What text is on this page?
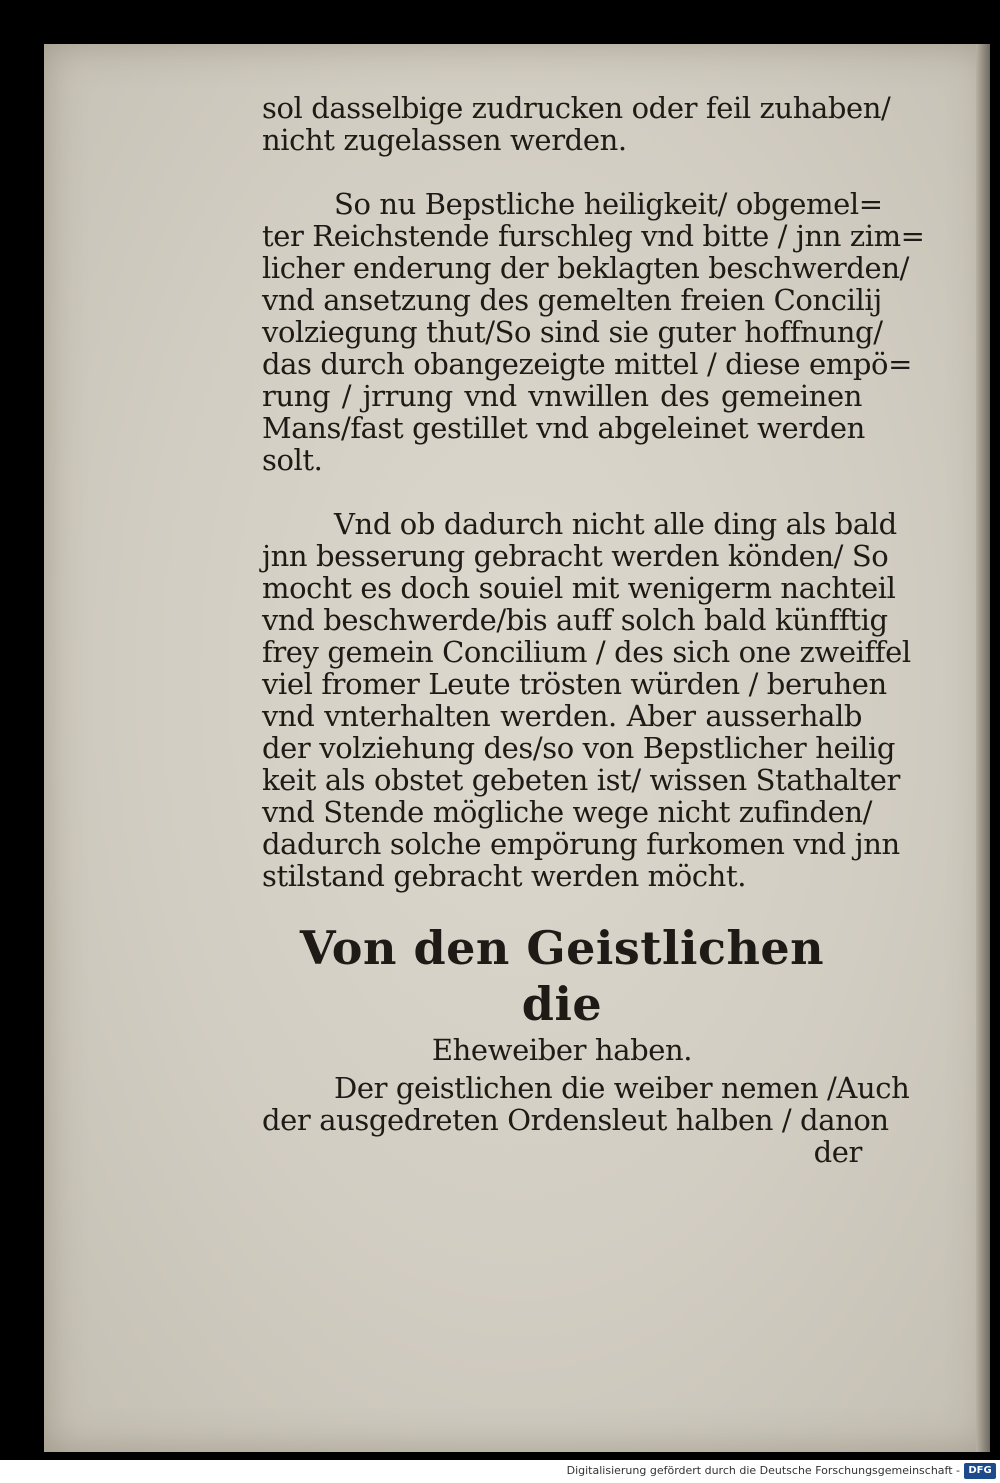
sol dasselbige zudrucken oder feil zuhaben/
nicht zugelassen werden.
So nu Bepstliche heiligkeit/ obgemel=
ter Reichstende furschleg vnd bitte / jnn zim=
licher enderung der beklagten beschwerden/
vnd ansetzung des gemelten freien Concilij
volziegung thut/So sind sie guter hoffnung/
das durch obangezeigte mittel / diese empö=
rung / jrrung vnd vnwillen des gemeinen
Mans/fast gestillet vnd abgeleinet werden
solt.
Vnd ob dadurch nicht alle ding als bald
jnn besserung gebracht werden könden/ So
mocht es doch souiel mit wenigerm nachteil
vnd beschwerde/bis auff solch bald künfftig
frey gemein Concilium / des sich one zweiffel
viel fromer Leute trösten würden / beruhen
vnd vnterhalten werden. Aber ausserhalb
der volziehung des/so von Bepstlicher heilig
keit als obstet gebeten ist/ wissen Stathalter
vnd Stende mögliche wege nicht zufinden/
dadurch solche empörung furkomen vnd jnn
stilstand gebracht werden möcht.
Von den Geistlichen die
Eheweiber haben.
Der geistlichen die weiber nemen /Auch
der ausgedreten Ordensleut halben / danon
der
Digitalisierung gefördert durch die Deutsche Forschungsgemeinschaft - DFG
